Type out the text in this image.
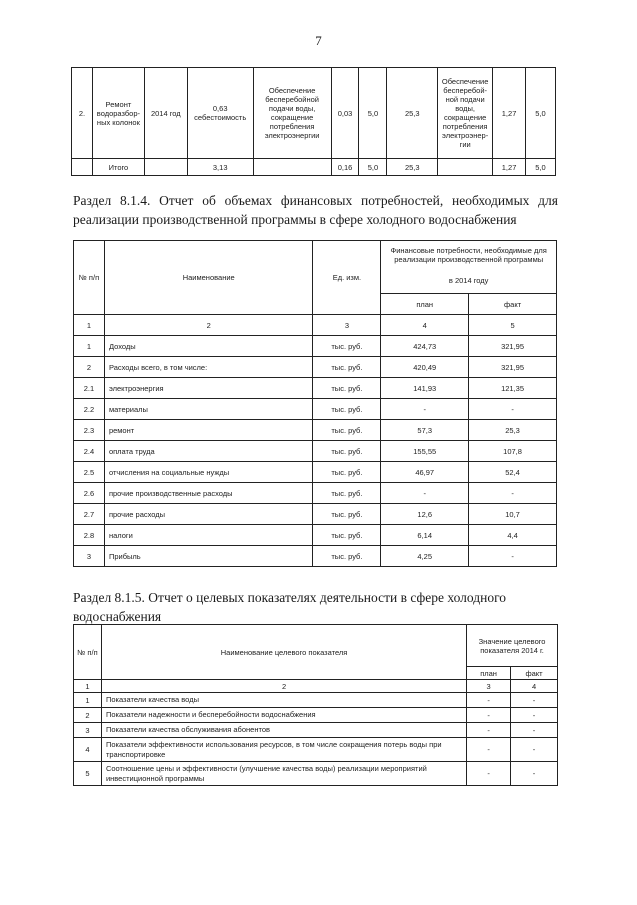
7
2.	Ремонт водоразбор-ных колонок	2014 год	0,63 себестоимость	Обеспечение бесперебойной подачи воды, сокращение потребления электроэнергии	0,03	5,0	25,3	Обеспечение бесперебой-ной подачи воды, сокращение потребления электроэнер-гии	1,27	5,0
	Итого		3,13		0,16	5,0	25,3		1,27	5,0
Раздел 8.1.4. Отчет об объемах финансовых потребностей, необходимых для реализации производственной программы в сфере холодного водоснабжения
№ п/п	Наименование	Ед. изм.	Финансовые потребности, необходимые для реализации производственной программы	
			в 2014 году	
			план	факт
1	2	3	4	5
1	Доходы	тыс. руб.	424,73	321,95
2	Расходы всего, в том числе:	тыс. руб.	420,49	321,95
2.1	электроэнергия	тыс. руб.	141,93	121,35
2.2	материалы	тыс. руб.	-	-
2.3	ремонт	тыс. руб.	57,3	25,3
2.4	оплата труда	тыс. руб.	155,55	107,8
2.5	отчисления на социальные нужды	тыс. руб.	46,97	52,4
2.6	прочие производственные расходы	тыс. руб.	-	-
2.7	прочие расходы	тыс. руб.	12,6	10,7
2.8	налоги	тыс. руб.	6,14	4,4
3	Прибыль	тыс. руб.	4,25	-
Раздел 8.1.5. Отчет о целевых показателях деятельности в сфере холодного водоснабжения
№ п/п	Наименование целевого показателя	Значение целевого показателя 2014 г.	
		план	факт
1	2	3	4
1	Показатели качества воды	-	-
2	Показатели надежности и бесперебойности водоснабжения	-	-
3	Показатели качества обслуживания абонентов	-	-
4	Показатели эффективности использования ресурсов, в том числе сокращения потерь воды при транспортировке	-	-
5	Соотношение цены и эффективности (улучшение качества воды) реализации мероприятий инвестиционной программы	-	-
